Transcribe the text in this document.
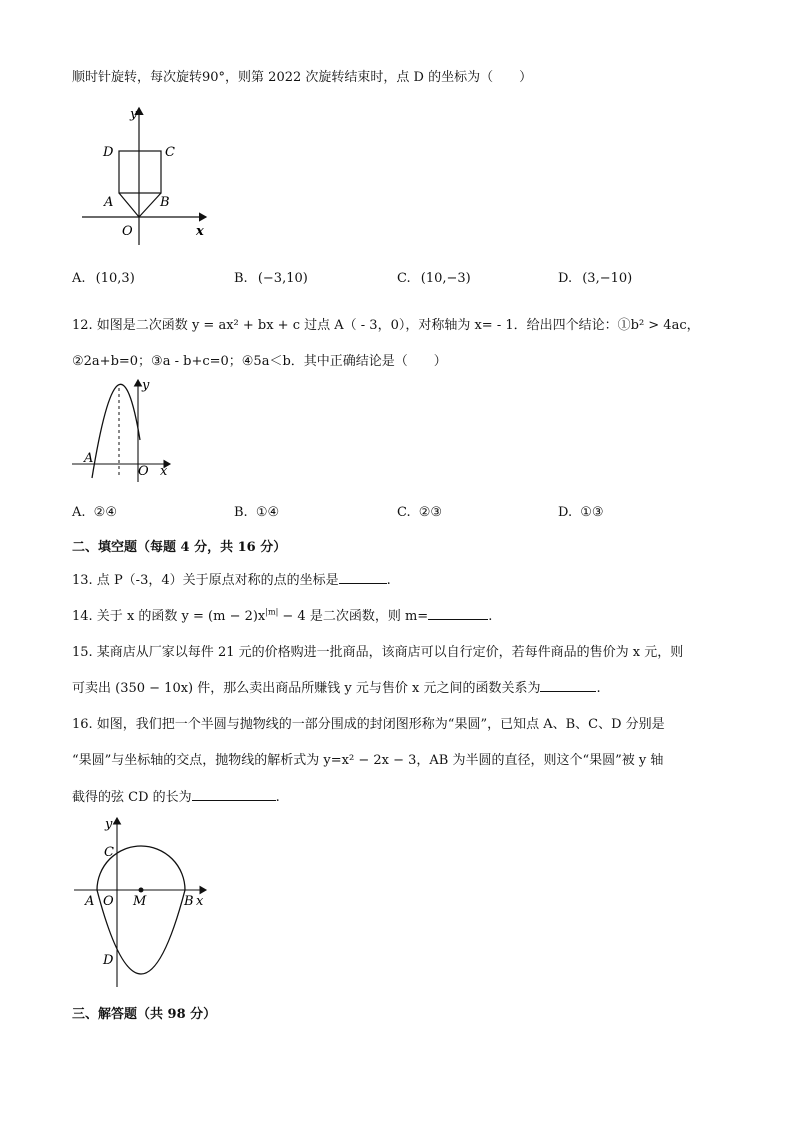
顺时针旋转，每次旋转90°，则第 2022 次旋转结束时，点 D 的坐标为（　　）
y
x
O
A	B
C
D
A. (10,3)	B. (−3,10)	C. (10,−3)	D. (3,−10)
12. 如图是二次函数 y = ax² + bx + c 过点 A（ - 3，0），对称轴为 x= - 1．给出四个结论：①b² > 4ac，
②2a+b=0；③a - b+c=0；④5a＜b．其中正确结论是（　　）
y
x
O
A
A. ②④	B. ①④	C. ②③	D. ①③
二、填空题（每题 4 分，共 16 分）
13. 点 P（-3，4）关于原点对称的点的坐标是	.
14. 关于 x 的函数 $y = (m - 2)x^{|m|} - 4$ 是二次函数，则 m=	.
15. 某商店从厂家以每件 21 元的价格购进一批商品，该商店可以自行定价，若每件商品的售价为 x 元，则
可卖出 (350 − 10x) 件，那么卖出商品所赚钱 y 元与售价 x 元之间的函数关系为	.
16. 如图，我们把一个半圆与抛物线的一部分围成的封闭图形称为“果圆”，已知点 A、B、C、D 分别是
“果圆”与坐标轴的交点，抛物线的解析式为 y=x² − 2x − 3，AB 为半圆的直径，则这个“果圆”被 y 轴
截得的弦 CD 的长为	.
y
x
C
A O M	B
D
三、解答题（共 98 分）
